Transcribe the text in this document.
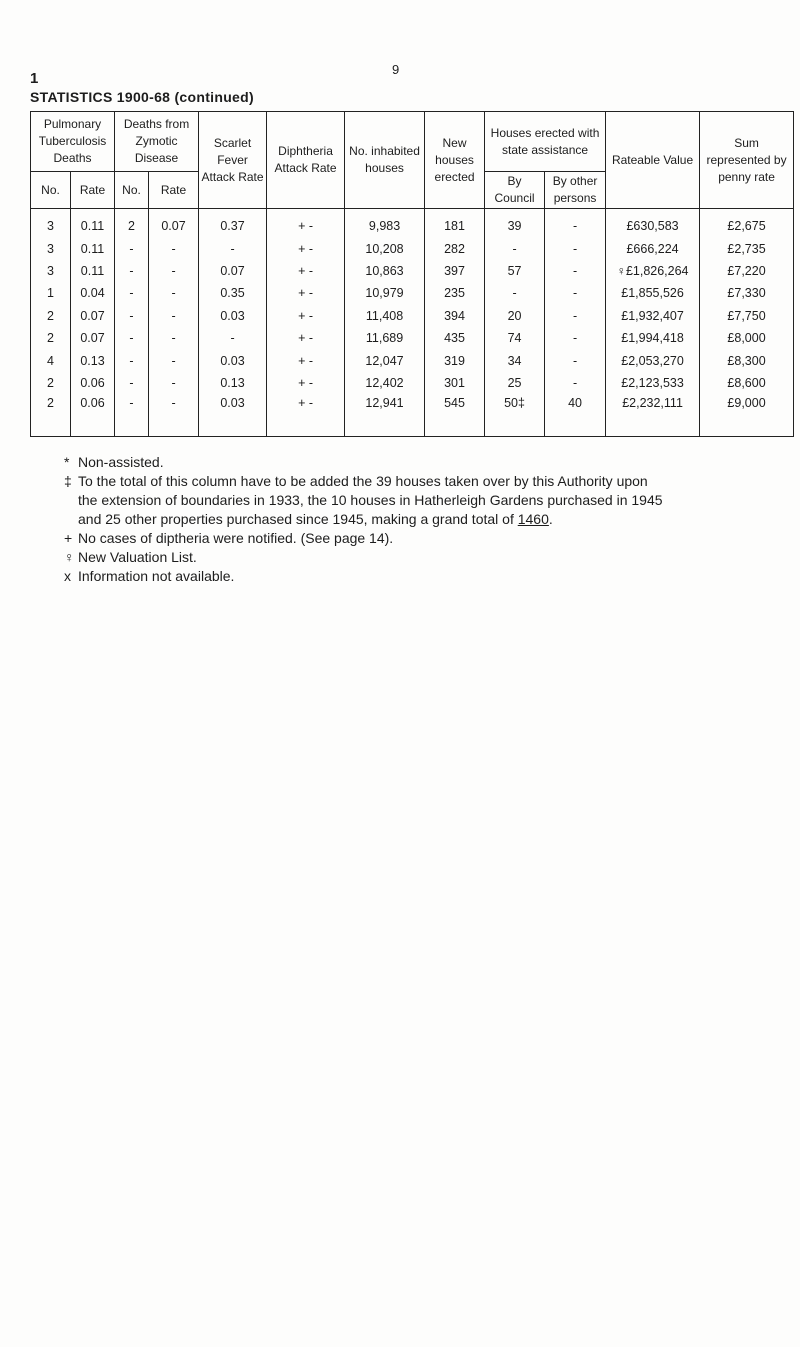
9
1
STATISTICS 1900-68 (continued)
Pulmonary Tuberculosis Deaths		Deaths from Zymotic Disease		Scarlet Fever Attack Rate	Diphtheria Attack Rate	No. inhabited houses	New houses erected	Houses erected with state assistance		Rateable Value	Sum represented by penny rate
No.	Rate	No.	Rate					By Council	By other persons		
3	0.11	2	0.07	0.37	+ -	9,983	181	39	-	£630,583	£2,675
3	0.11	-	-	-	+ -	10,208	282	-	-	£666,224	£2,735
3	0.11	-	-	0.07	+ -	10,863	397	57	-	♀£1,826,264	£7,220
1	0.04	-	-	0.35	+ -	10,979	235	-	-	£1,855,526	£7,330
2	0.07	-	-	0.03	+ -	11,408	394	20	-	£1,932,407	£7,750
2	0.07	-	-	-	+ -	11,689	435	74	-	£1,994,418	£8,000
4	0.13	-	-	0.03	+ -	12,047	319	34	-	£2,053,270	£8,300
2	0.06	-	-	0.13	+ -	12,402	301	25	-	£2,123,533	£8,600
2	0.06	-	-	0.03	+ -	12,941	545	50‡	40	£2,232,111	£9,000
* Non-assisted.
‡ To the total of this column have to be added the 39 houses taken over by this Authority upon
the extension of boundaries in 1933, the 10 houses in Hatherleigh Gardens purchased in 1945
and 25 other properties purchased since 1945, making a grand total of 1460.
+ No cases of diptheria were notified. (See page 14).
♀ New Valuation List.
x Information not available.
